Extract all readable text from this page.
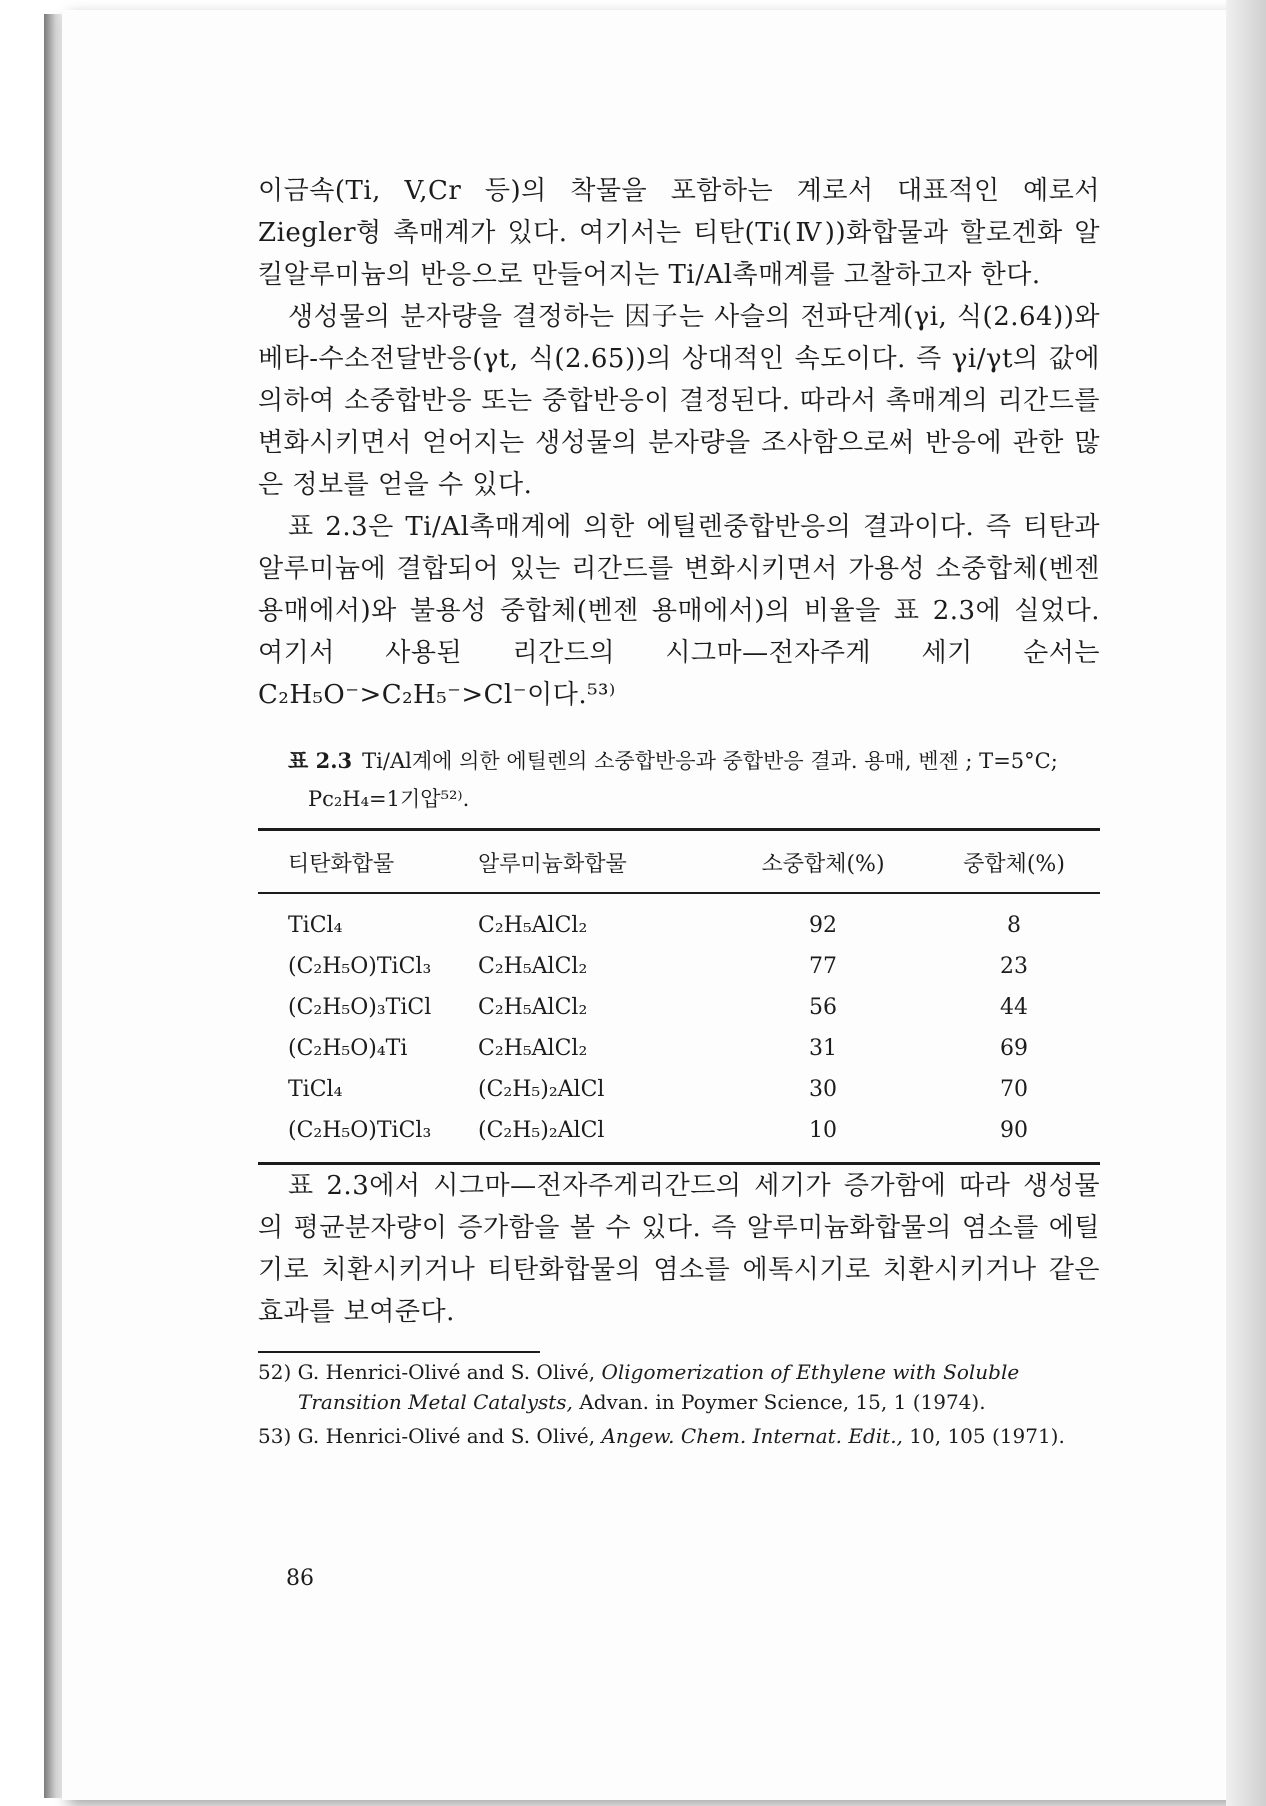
이금속(Ti, V,Cr 등)의 착물을 포함하는 계로서 대표적인 예로서 Ziegler형 촉매계가 있다. 여기서는 티탄(Ti(Ⅳ))화합물과 할로겐화 알킬알루미늄의 반응으로 만들어지는 Ti/Al촉매계를 고찰하고자 한다.

생성물의 분자량을 결정하는 因子는 사슬의 전파단계(γi, 식(2.64))와 베타-수소전달반응(γt, 식(2.65))의 상대적인 속도이다. 즉 γi/γt의 값에 의하여 소중합반응 또는 중합반응이 결정된다. 따라서 촉매계의 리간드를 변화시키면서 얻어지는 생성물의 분자량을 조사함으로써 반응에 관한 많은 정보를 얻을 수 있다.

표 2.3은 Ti/Al촉매계에 의한 에틸렌중합반응의 결과이다. 즉 티탄과 알루미늄에 결합되어 있는 리간드를 변화시키면서 가용성 소중합체(벤젠 용매에서)와 불용성 중합체(벤젠 용매에서)의 비율을 표 2.3에 실었다. 여기서 사용된 리간드의 시그마—전자주게 세기 순서는 C₂H₅O⁻>C₂H₅⁻>Cl⁻이다.⁵³⁾

표 2.3 Ti/Al계에 의한 에틸렌의 소중합반응과 중합반응 결과. 용매, 벤젠 ; T=5°C; Pc₂H₄=1기압⁵²⁾.
티탄화합물	알루미늄화합물	소중합체(%)	중합체(%)
TiCl₄	C₂H₅AlCl₂	92	8
(C₂H₅O)TiCl₃	C₂H₅AlCl₂	77	23
(C₂H₅O)₃TiCl	C₂H₅AlCl₂	56	44
(C₂H₅O)₄Ti	C₂H₅AlCl₂	31	69
TiCl₄	(C₂H₅)₂AlCl	30	70
(C₂H₅O)TiCl₃	(C₂H₅)₂AlCl	10	90

표 2.3에서 시그마—전자주게리간드의 세기가 증가함에 따라 생성물의 평균분자량이 증가함을 볼 수 있다. 즉 알루미늄화합물의 염소를 에틸기로 치환시키거나 티탄화합물의 염소를 에톡시기로 치환시키거나 같은 효과를 보여준다.

52) G. Henrici-Olivé and S. Olivé, Oligomerization of Ethylene with Soluble Transition Metal Catalysts, Advan. in Poymer Science, 15, 1 (1974).
53) G. Henrici-Olivé and S. Olivé, Angew. Chem. Internat. Edit., 10, 105 (1971).
86
